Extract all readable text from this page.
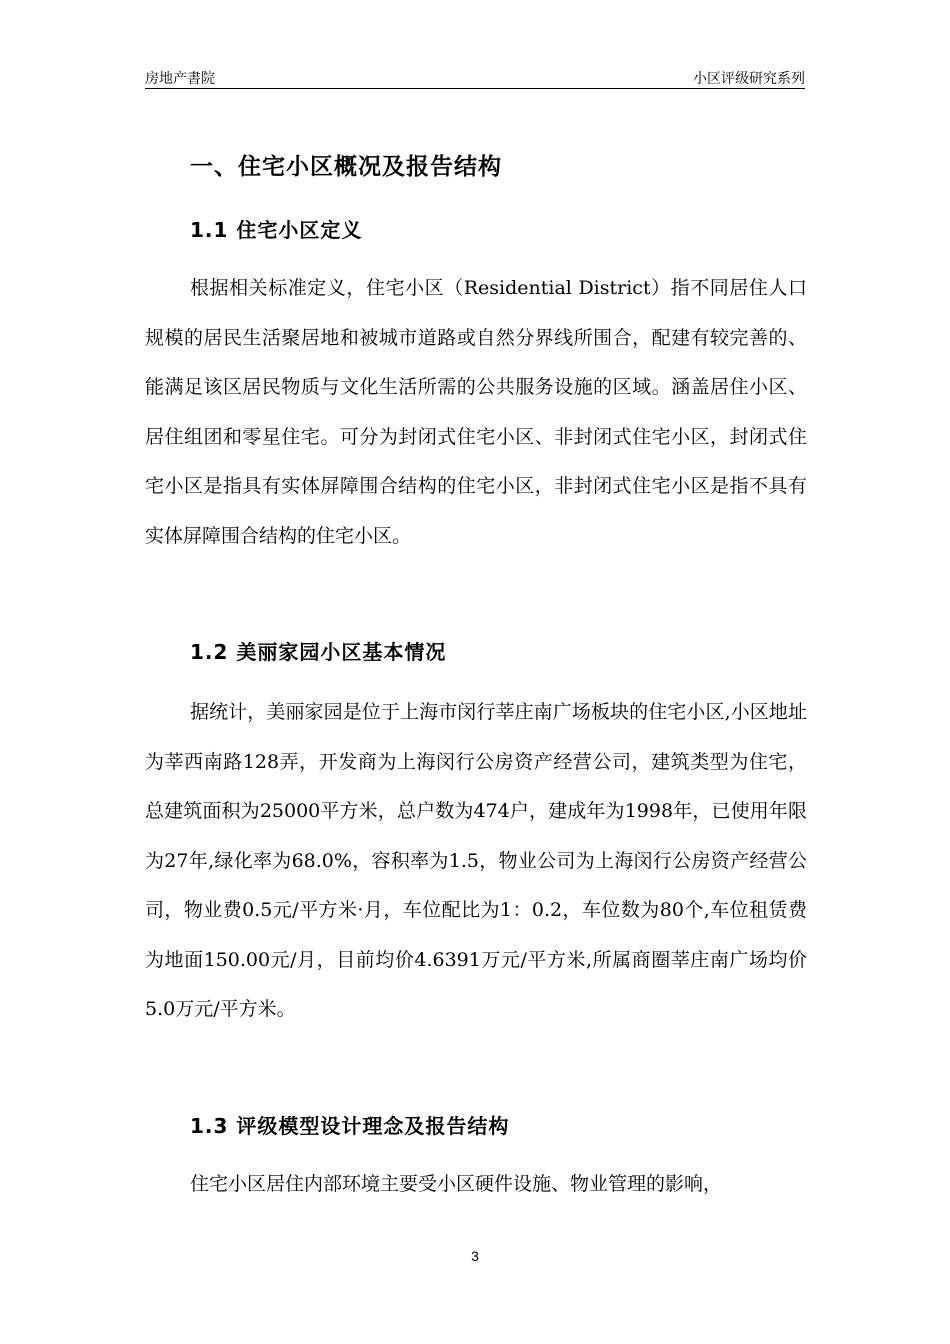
房地产書院	小区评级研究系列
一、住宅小区概况及报告结构
1.1 住宅小区定义

根据相关标准定义，住宅小区（Residential District）指不同居住人口规模的居民生活聚居地和被城市道路或自然分界线所围合，配建有较完善的、能满足该区居民物质与文化生活所需的公共服务设施的区域。涵盖居住小区、居住组团和零星住宅。可分为封闭式住宅小区、非封闭式住宅小区，封闭式住宅小区是指具有实体屏障围合结构的住宅小区，非封闭式住宅小区是指不具有实体屏障围合结构的住宅小区。

1.2 美丽家园小区基本情况

据统计，美丽家园是位于上海市闵行莘庄南广场板块的住宅小区,小区地址为莘西南路128弄，开发商为上海闵行公房资产经营公司，建筑类型为住宅，总建筑面积为25000平方米，总户数为474户，建成年为1998年，已使用年限为27年,绿化率为68.0%，容积率为1.5，物业公司为上海闵行公房资产经营公司，物业费0.5元/平方米·月，车位配比为1：0.2，车位数为80个,车位租赁费为地面150.00元/月，目前均价4.6391万元/平方米,所属商圈莘庄南广场均价5.0万元/平方米。

1.3 评级模型设计理念及报告结构

住宅小区居住内部环境主要受小区硬件设施、物业管理的影响，

3
